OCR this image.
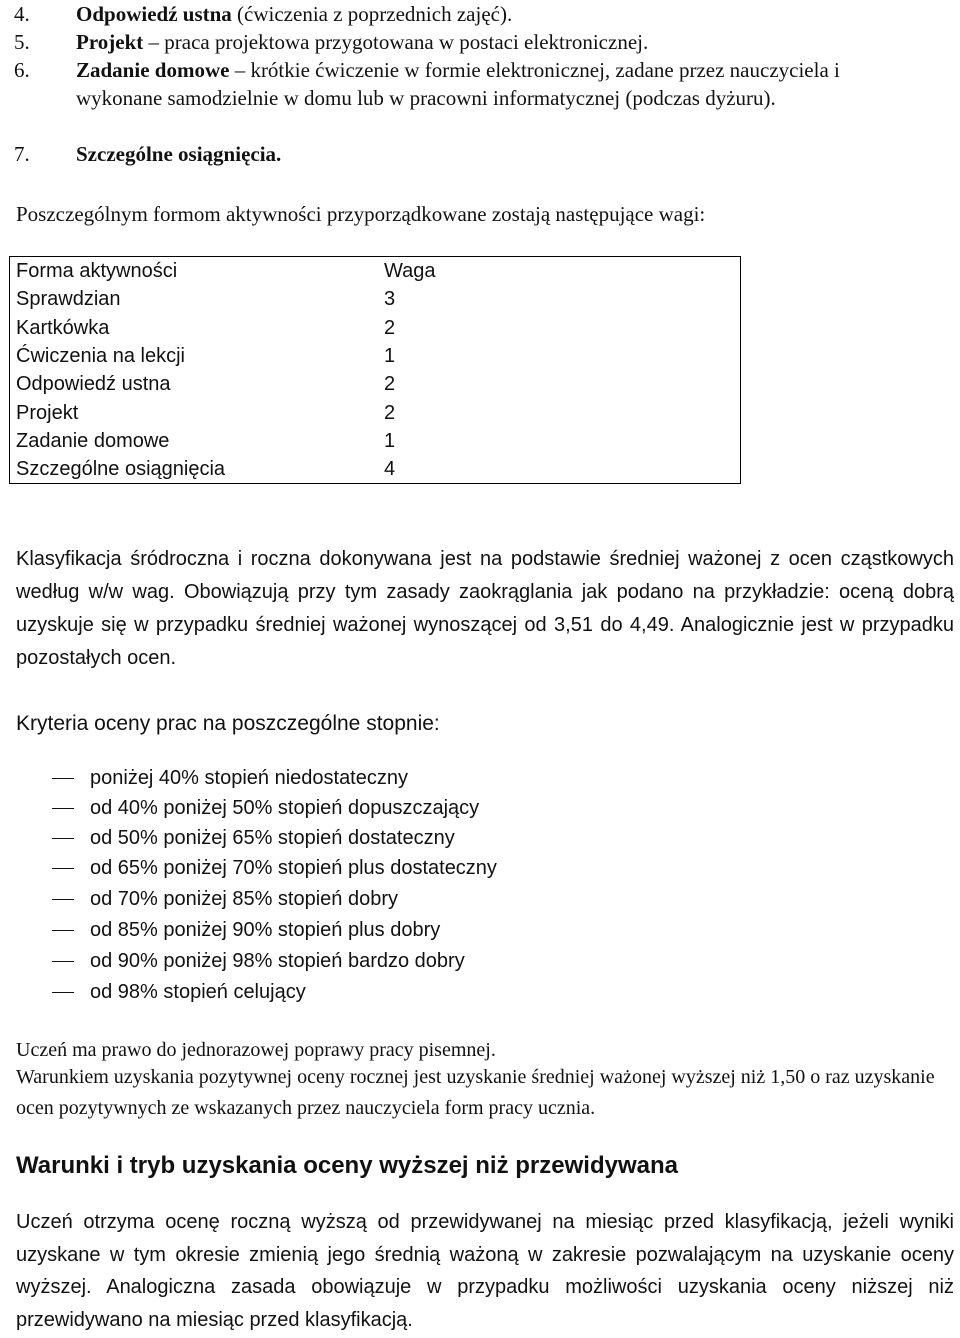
4.	Odpowiedź ustna (ćwiczenia z poprzednich zajęć).
5.	Projekt – praca projektowa przygotowana w postaci elektronicznej.
6.	Zadanie domowe – krótkie ćwiczenie w formie elektronicznej, zadane przez nauczyciela i wykonane samodzielnie w domu lub w pracowni informatycznej (podczas dyżuru).
7.	Szczególne osiągnięcia.
Poszczególnym formom aktywności przyporządkowane zostają następujące wagi:
Forma aktywności	Waga
Sprawdzian	3
Kartkówka	2
Ćwiczenia na lekcji	1
Odpowiedź ustna	2
Projekt	2
Zadanie domowe	1
Szczególne osiągnięcia	4
Klasyfikacja śródroczna i roczna dokonywana jest na podstawie średniej ważonej z ocen cząstkowych według w/w wag. Obowiązują przy tym zasady zaokrąglania jak podano na przykładzie: oceną dobrą uzyskuje się w przypadku średniej ważonej wynoszącej od 3,51 do 4,49. Analogicznie jest w przypadku pozostałych ocen.
Kryteria oceny prac na poszczególne stopnie:
poniżej 40% stopień niedostateczny
od 40% poniżej 50% stopień dopuszczający
od 50% poniżej 65% stopień dostateczny
od 65% poniżej 70% stopień plus dostateczny
od 70% poniżej 85% stopień dobry
od 85% poniżej 90% stopień plus dobry
od 90% poniżej 98% stopień bardzo dobry
od 98% stopień celujący
Uczeń ma prawo do jednorazowej poprawy pracy pisemnej.
Warunkiem uzyskania pozytywnej oceny rocznej jest uzyskanie średniej ważonej wyższej niż 1,50 o raz uzyskanie ocen pozytywnych ze wskazanych przez nauczyciela form pracy ucznia.
Warunki i tryb uzyskania oceny wyższej niż przewidywana
Uczeń otrzyma ocenę roczną wyższą od przewidywanej na miesiąc przed klasyfikacją, jeżeli wyniki uzyskane w tym okresie zmienią jego średnią ważoną w zakresie pozwalającym na uzyskanie oceny wyższej. Analogiczna zasada obowiązuje w przypadku możliwości uzyskania oceny niższej niż przewidywano na miesiąc przed klasyfikacją.
